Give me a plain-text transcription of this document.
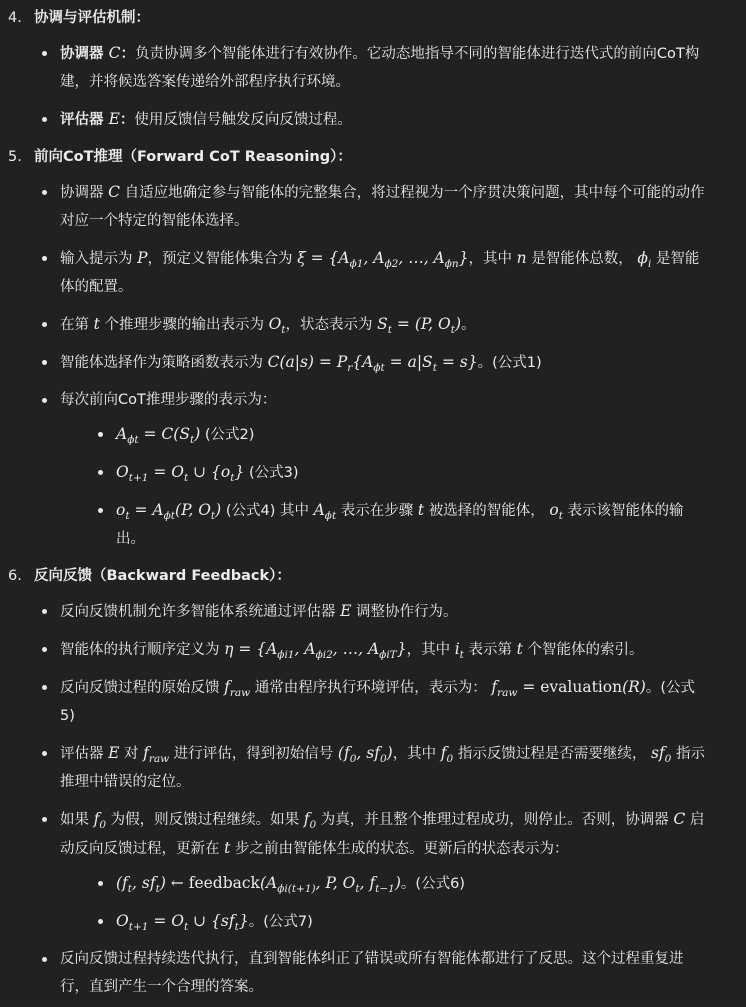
4. 协调与评估机制：
协调器 C：负责协调多个智能体进行有效协作。它动态地指导不同的智能体进行迭代式的前向CoT构建，并将候选答案传递给外部程序执行环境。
评估器 E：使用反馈信号触发反向反馈过程。
5. 前向CoT推理（Forward CoT Reasoning）：
协调器 C 自适应地确定参与智能体的完整集合，将过程视为一个序贯决策问题，其中每个可能的动作对应一个特定的智能体选择。
输入提示为 P，预定义智能体集合为 $\xi = \{A_{\phi 1}$, $A_{\phi 2}$, …, $A_{\phi n}$}，其中 n 是智能体总数， $\phi_i$ 是智能体的配置。
在第 t 个推理步骤的输出表示为 $O_t$，状态表示为 $S_t = (P$, $O_t$)。
智能体选择作为策略函数表示为 $C(a|s) = P_r\{A_{\phi t} = a|S_t = s\}$。(公式1)
每次前向CoT推理步骤的表示为：
$A_{\phi t} = C(S_t)$ (公式2)
$O_{t+1} = O_t$ ∪ $\{o_t\}$ (公式3)
$o_t = A_{\phi t}(P$, $O_t$) (公式4) 其中 $A_{\phi t}$ 表示在步骤 t 被选择的智能体， $o_t$ 表示该智能体的输出。
6. 反向反馈（Backward Feedback）：
反向反馈机制允许多智能体系统通过评估器 E 调整协作行为。
智能体的执行顺序定义为 $\eta = \{A_{\phi i1}$, $A_{\phi i2}$, …, $A_{\phi iT}$}，其中 $i_t$ 表示第 t 个智能体的索引。
反向反馈过程的原始反馈 $f_{raw}$ 通常由程序执行环境评估，表示为： $f_{raw}$ = evaluation(R)。(公式5)
评估器 E 对 $f_{raw}$ 进行评估，得到初始信号 ($f_0$, $sf_0$)，其中 $f_0$ 指示反馈过程是否需要继续， $sf_0$ 指示推理中错误的定位。
如果 $f_0$ 为假，则反馈过程继续。如果 $f_0$ 为真，并且整个推理过程成功，则停止。否则，协调器 C 启动反向反馈过程，更新在 t 步之前由智能体生成的状态。更新后的状态表示为：
($f_t$, $sf_t$) ← $feedback(A_{\phi i(t+1)}$, P, $O_t$, $f_{t-1}$)。(公式6)
$O_{t+1} = O_t$ ∪ $\{sf_t\}$。(公式7)
反向反馈过程持续迭代执行，直到智能体纠正了错误或所有智能体都进行了反思。这个过程重复进行，直到产生一个合理的答案。
